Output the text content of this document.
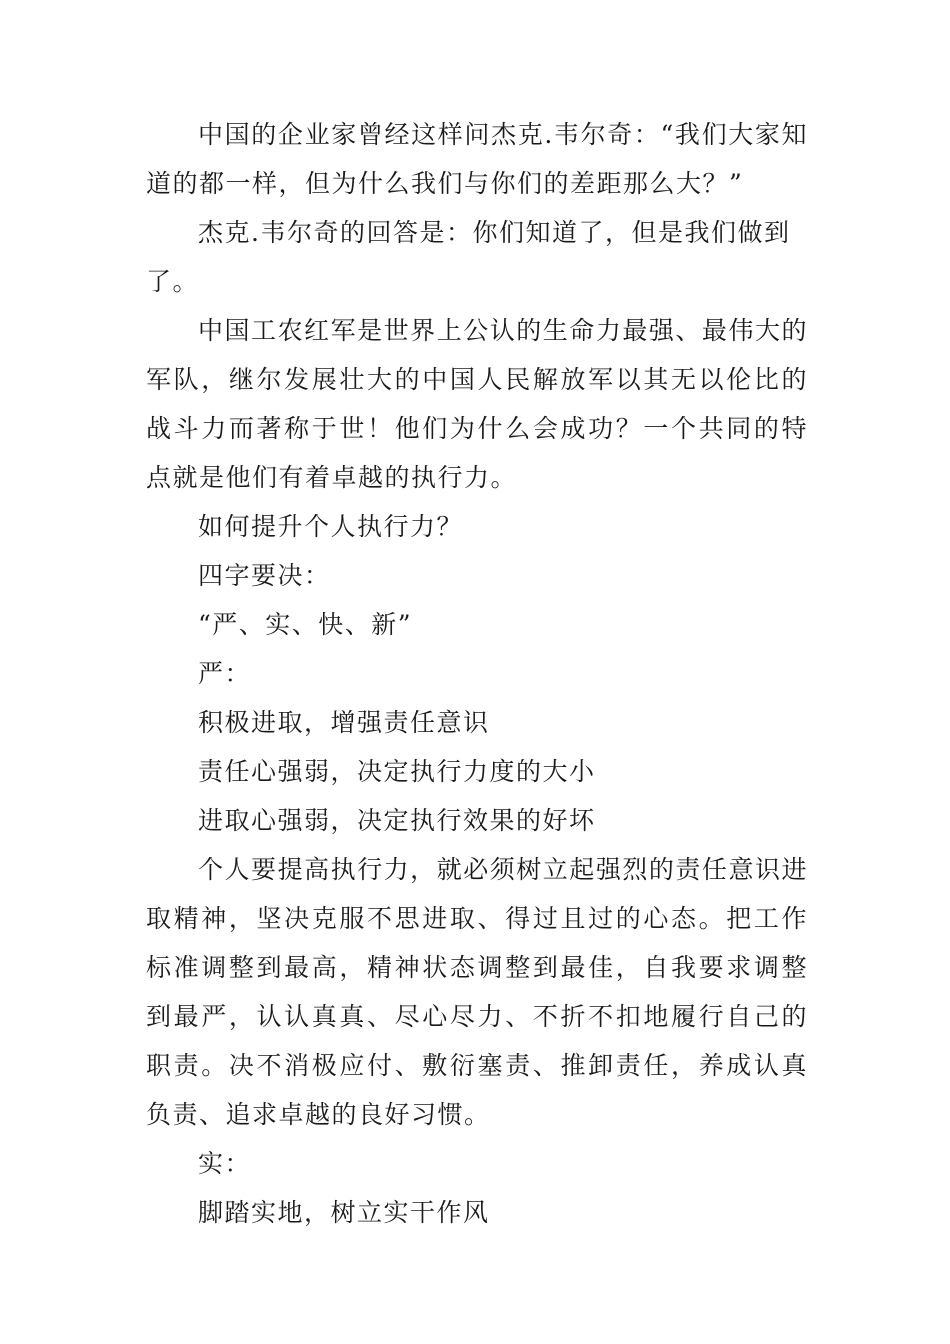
中国的企业家曾经这样问杰克.韦尔奇：“我们大家知道的都一样，但为什么我们与你们的差距那么大？”

杰克.韦尔奇的回答是：你们知道了，但是我们做到了。

中国工农红军是世界上公认的生命力最强、最伟大的军队，继尔发展壮大的中国人民解放军以其无以伦比的战斗力而著称于世！他们为什么会成功？一个共同的特点就是他们有着卓越的执行力。

如何提升个人执行力？

四字要决：

“严、实、快、新”

严：

积极进取，增强责任意识

责任心强弱，决定执行力度的大小

进取心强弱，决定执行效果的好坏

个人要提高执行力，就必须树立起强烈的责任意识进取精神，坚决克服不思进取、得过且过的心态。把工作标准调整到最高，精神状态调整到最佳，自我要求调整到最严，认认真真、尽心尽力、不折不扣地履行自己的职责。决不消极应付、敷衍塞责、推卸责任，养成认真负责、追求卓越的良好习惯。

实：

脚踏实地，树立实干作风
